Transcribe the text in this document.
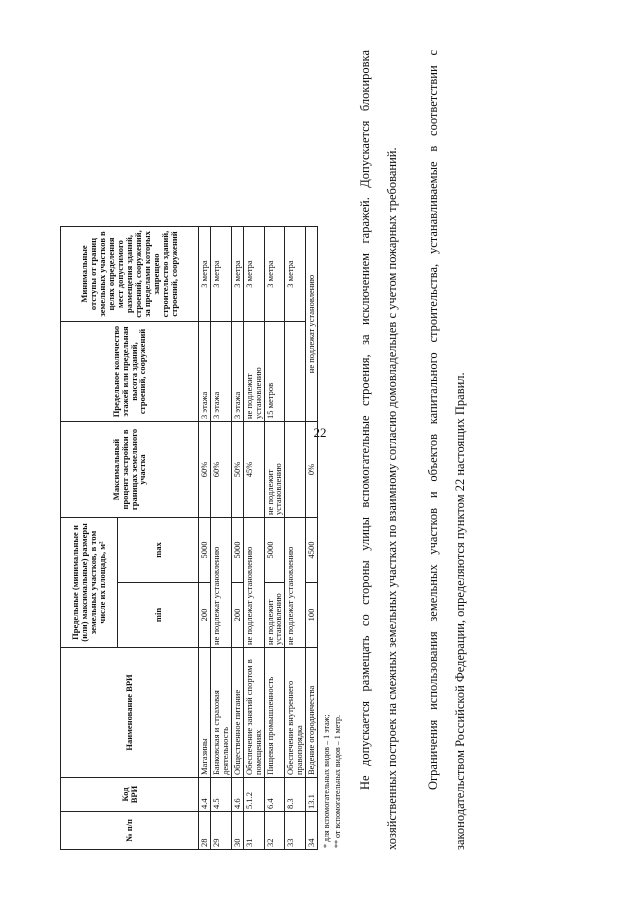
22
№ п/п	Код ВРИ	Наименование ВРИ	Предельные (минимальные и (или) максимальные) размеры земельных участков, в том числе их площадь, м²		Максимальный процент застройки в границах земельного участка	Предельное количество этажей или предельная высота зданий, строений, сооружений	Минимальные отступы от границ земельных участков в целях определения мест допустимого размещения зданий, строений, сооружений, за пределами которых запрещено строительство зданий, строений, сооружений
			min	max			
28	4.4	Магазины	200	5000	60%	3 этажа	3 метра
29	4.5	Банковская и страховая деятельность	не подлежат установлению		60%	3 этажа	3 метра
30	4.6	Общественное питание	200	5000	50%	3 этажа	3 метра
31	5.1.2	Обеспечение занятий спортом в помещениях	не подлежат установлению		45%	не подлежит установлению	3 метра
32	6.4	Пищевая промышленность	не подлежит установлению	5000	не подлежит установлению	15 метров	3 метра
33	8.3	Обеспечение внутреннего правопорядка	не подлежат установлению				3 метра
34	13.1	Ведение огородничества	100	4500	0%	не подлежат установлению	
* для вспомогательных видов – 1 этаж; ** от вспомогательных видов – 1 метр.	Не допускается размещать со стороны улицы вспомогательные строения, за исключением гаражей. Допускается блокировка хозяйственных построек на смежных земельных участках по взаимному согласию домовладельцев с учетом пожарных требований.	Ограничения использования земельных участков и объектов капитального строительства, устанавливаемые в соответствии с законодательством Российской Федерации, определяются пунктом 22 настоящих Правил.
